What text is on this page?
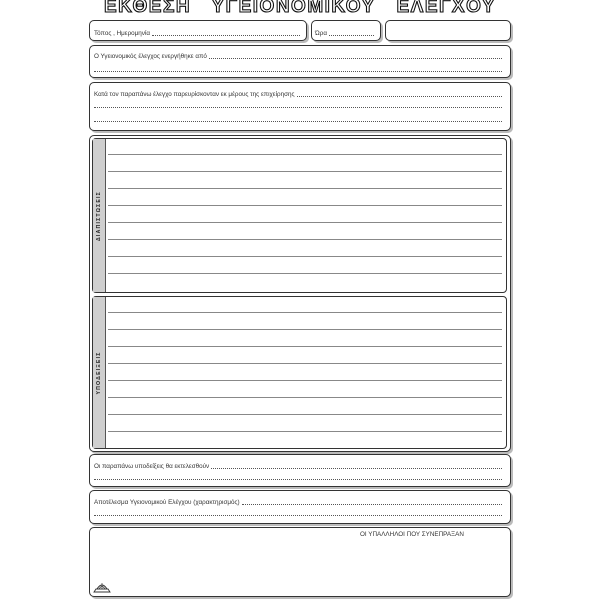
ΕΚΘΕΣΗ ΥΓΕΙΟΝΟΜΙΚΟΥ ΕΛΕΓΧΟΥ
Τόπος , Ημερομηνία	Ώρα
Ο Υγειονομικός έλεγχος ενεργήθηκε από
Κατά τον παραπάνω έλεγχο παρευρίσκονταν εκ μέρους της επιχείρησης
ΔΙΑΠΙΣΤΩΣΕΙΣ
ΥΠΟΔΕΙΞΕΙΣ
Οι παραπάνω υποδείξεις θα εκτελεσθούν
Αποτέλεσμα Υγειονομικού Ελέγχου (χαρακτηρισμός)
ΟΙ ΥΠΑΛΛΗΛΟΙ ΠΟΥ ΣΥΝΕΠΡΑΞΑΝ
